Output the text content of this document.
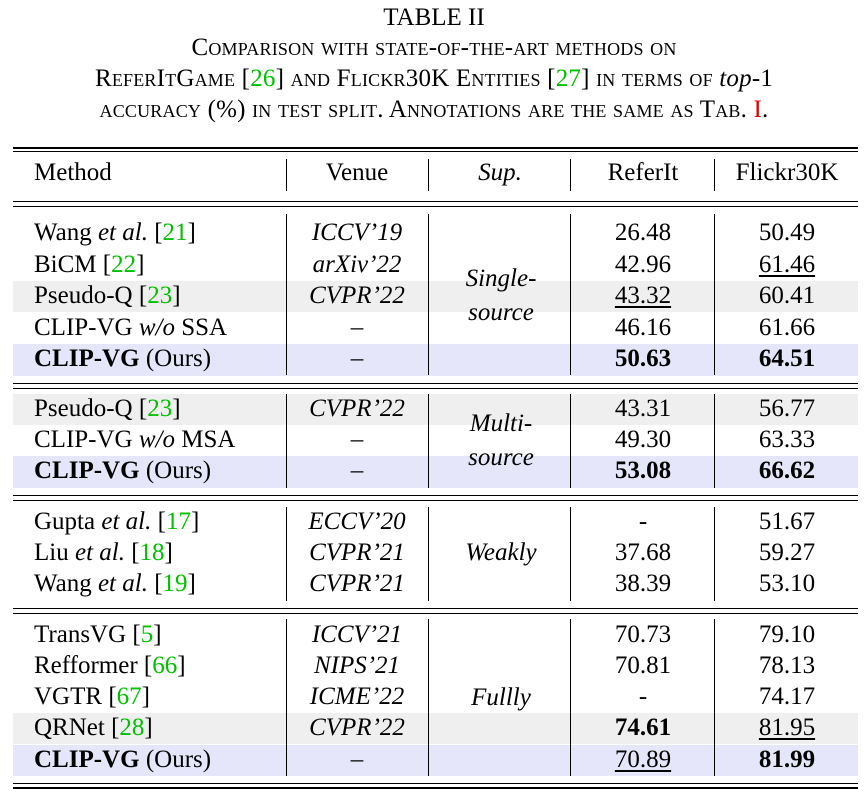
TABLE II
Comparison with state-of-the-art methods on
ReferItGame [26] and Flickr30K Entities [27] in terms of top-1
accuracy (%) in test split. Annotations are the same as Tab. I.
Method	Venue	Sup.	ReferIt	Flickr30K
Single-
source
Wang et al. [21]	ICCV’19	26.48	50.49
BiCM [22]	arXiv’22	42.96	61.46
Pseudo-Q [23]	CVPR’22	43.32	60.41
CLIP-VG w/o SSA	–	46.16	61.66
CLIP-VG (Ours)	–	50.63	64.51
Multi-
source
Pseudo-Q [23]	CVPR’22	43.31	56.77
CLIP-VG w/o MSA	–	49.30	63.33
CLIP-VG (Ours)	–	53.08	66.62
Weakly
Gupta et al. [17]	ECCV’20	-	51.67
Liu et al. [18]	CVPR’21	37.68	59.27
Wang et al. [19]	CVPR’21	38.39	53.10
Fullly
TransVG [5]	ICCV’21	70.73	79.10
Refformer [66]	NIPS’21	70.81	78.13
VGTR [67]	ICME’22	-	74.17
QRNet [28]	CVPR’22	74.61	81.95
CLIP-VG (Ours)	–	70.89	81.99
